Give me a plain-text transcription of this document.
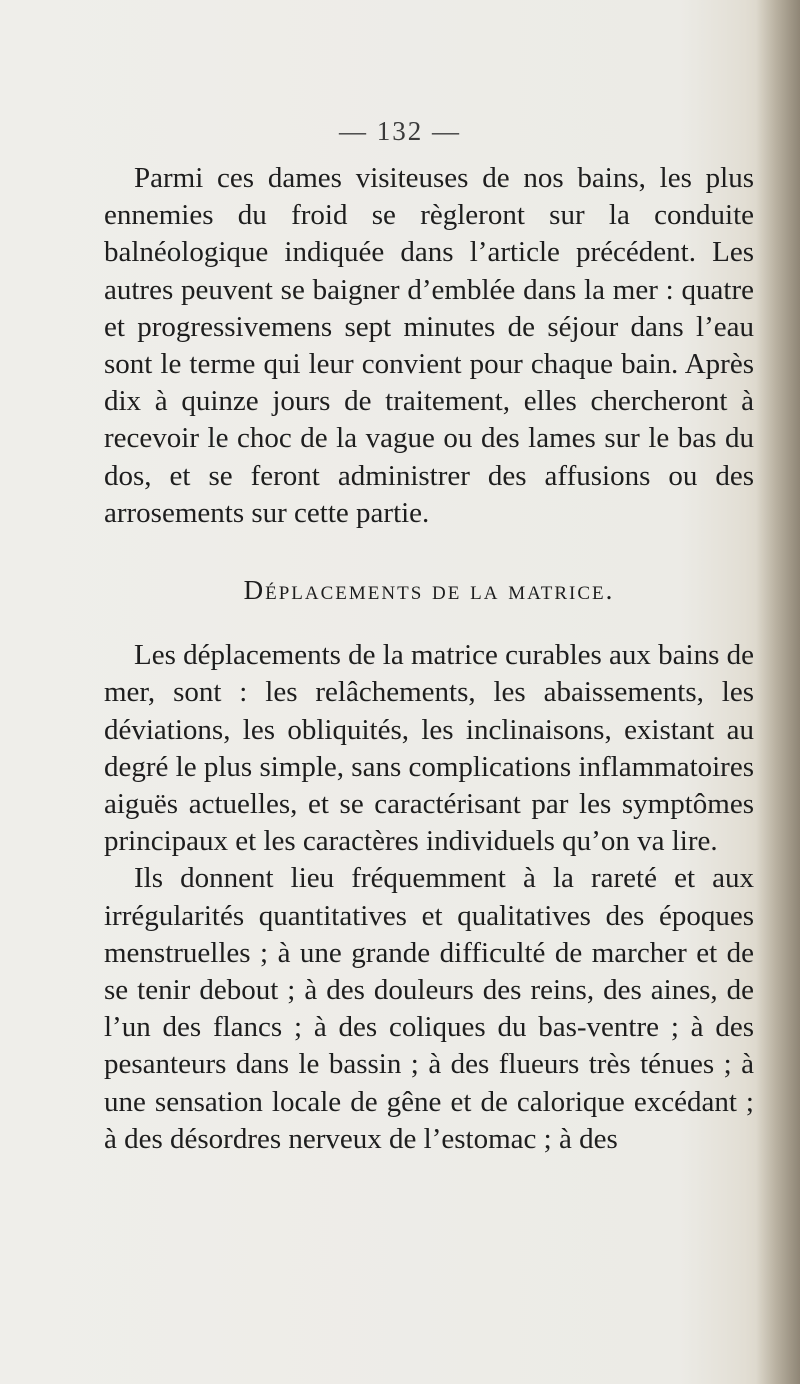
— 132 —

Parmi ces dames visiteuses de nos bains, les plus ennemies du froid se règleront sur la conduite balnéologique indiquée dans l’article précédent. Les autres peuvent se baigner d’emblée dans la mer : quatre et progressivemens sept minutes de séjour dans l’eau sont le terme qui leur convient pour chaque bain. Après dix à quinze jours de traitement, elles chercheront à recevoir le choc de la vague ou des lames sur le bas du dos, et se feront administrer des affusions ou des arrosements sur cette partie.

Déplacements de la matrice.

Les déplacements de la matrice curables aux bains de mer, sont : les relâchements, les abaissements, les déviations, les obliquités, les inclinaisons, existant au degré le plus simple, sans complications inflammatoires aiguës actuelles, et se caractérisant par les symptômes principaux et les caractères individuels qu’on va lire.

Ils donnent lieu fréquemment à la rareté et aux irrégularités quantitatives et qualitatives des époques menstruelles ; à une grande difficulté de marcher et de se tenir debout ; à des douleurs des reins, des aines, de l’un des flancs ; à des coliques du bas-ventre ; à des pesanteurs dans le bassin ; à des flueurs très ténues ; à une sensation locale de gêne et de calorique excédant ; à des désordres nerveux de l’estomac ; à des
